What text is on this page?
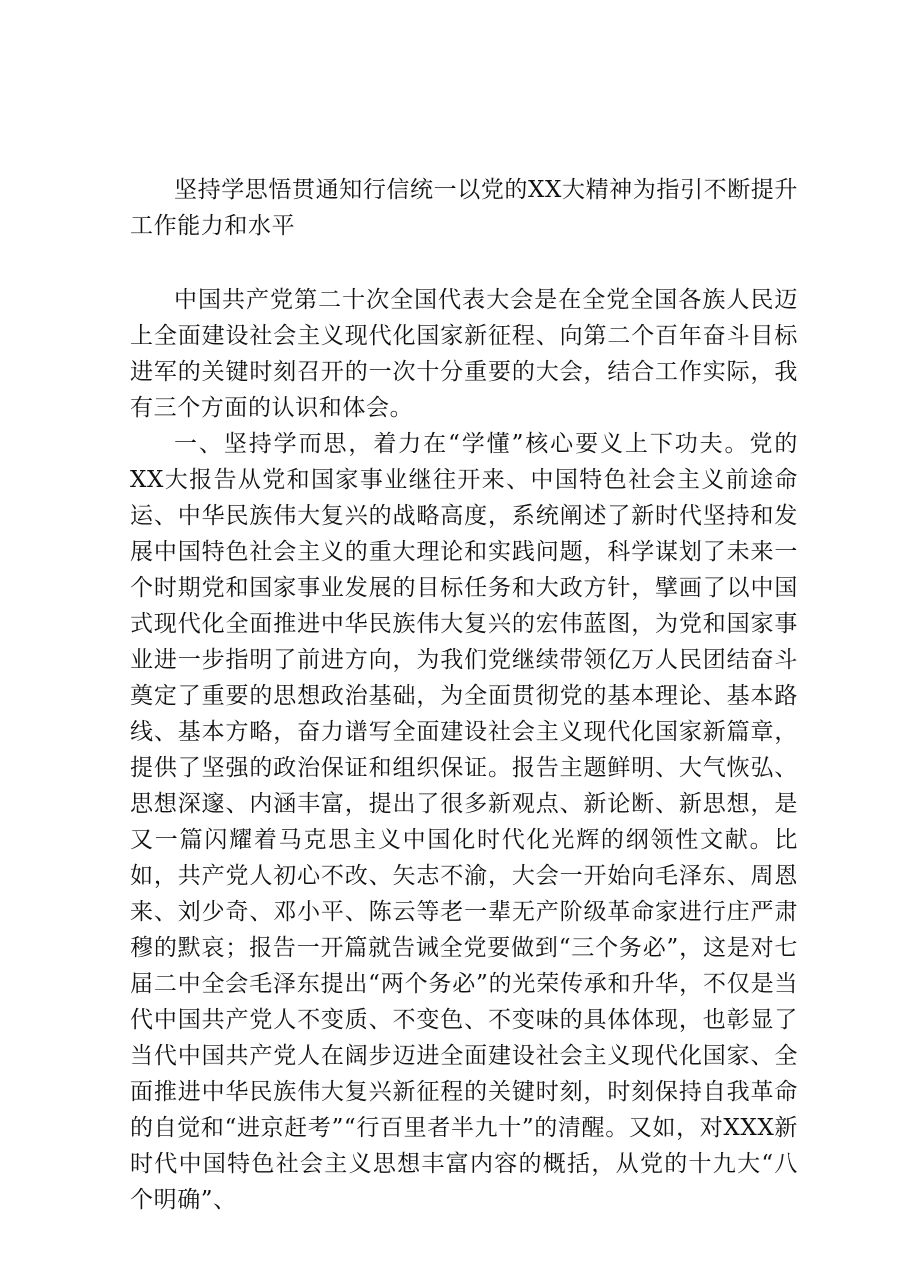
坚持学思悟贯通知行信统一以党的XX大精神为指引不断提升工作能力和水平

中国共产党第二十次全国代表大会是在全党全国各族人民迈上全面建设社会主义现代化国家新征程、向第二个百年奋斗目标进军的关键时刻召开的一次十分重要的大会，结合工作实际，我有三个方面的认识和体会。

一、坚持学而思，着力在“学懂”核心要义上下功夫。党的XX大报告从党和国家事业继往开来、中国特色社会主义前途命运、中华民族伟大复兴的战略高度，系统阐述了新时代坚持和发展中国特色社会主义的重大理论和实践问题，科学谋划了未来一个时期党和国家事业发展的目标任务和大政方针，擘画了以中国式现代化全面推进中华民族伟大复兴的宏伟蓝图，为党和国家事业进一步指明了前进方向，为我们党继续带领亿万人民团结奋斗奠定了重要的思想政治基础，为全面贯彻党的基本理论、基本路线、基本方略，奋力谱写全面建设社会主义现代化国家新篇章，提供了坚强的政治保证和组织保证。报告主题鲜明、大气恢弘、思想深邃、内涵丰富，提出了很多新观点、新论断、新思想，是又一篇闪耀着马克思主义中国化时代化光辉的纲领性文献。比如，共产党人初心不改、矢志不渝，大会一开始向毛泽东、周恩来、刘少奇、邓小平、陈云等老一辈无产阶级革命家进行庄严肃穆的默哀；报告一开篇就告诫全党要做到“三个务必”，这是对七届二中全会毛泽东提出“两个务必”的光荣传承和升华，不仅是当代中国共产党人不变质、不变色、不变味的具体体现，也彰显了当代中国共产党人在阔步迈进全面建设社会主义现代化国家、全面推进中华民族伟大复兴新征程的关键时刻，时刻保持自我革命的自觉和“进京赶考”“行百里者半九十”的清醒。又如，对XXX新时代中国特色社会主义思想丰富内容的概括，从党的十九大“八个明确”、
